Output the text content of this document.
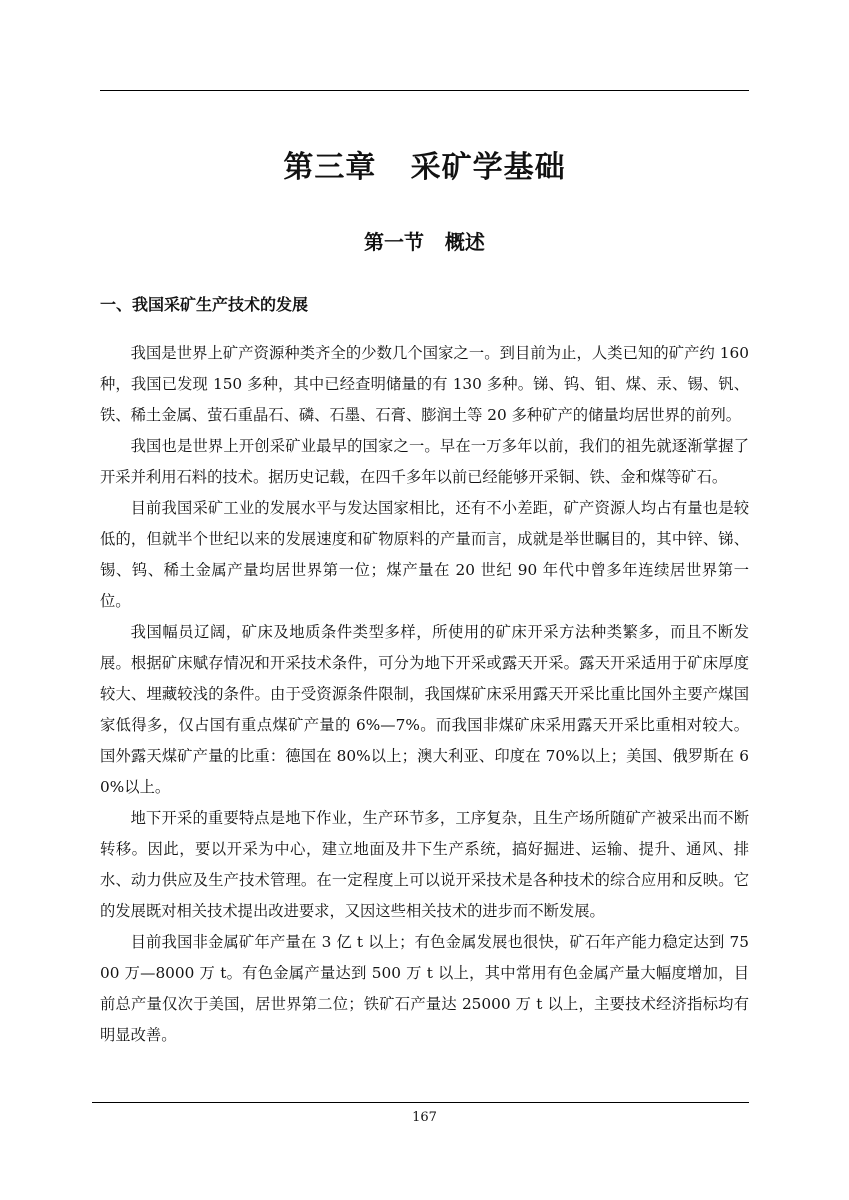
第三章   采矿学基础
第一节   概述
一、我国采矿生产技术的发展

我国是世界上矿产资源种类齐全的少数几个国家之一。到目前为止，人类已知的矿产约 160 种，我国已发现 150 多种，其中已经查明储量的有 130 多种。锑、钨、钼、煤、汞、锡、钒、铁、稀土金属、萤石重晶石、磷、石墨、石膏、膨润土等 20 多种矿产的储量均居世界的前列。

我国也是世界上开创采矿业最早的国家之一。早在一万多年以前，我们的祖先就逐渐掌握了开采并利用石料的技术。据历史记载，在四千多年以前已经能够开采铜、铁、金和煤等矿石。

目前我国采矿工业的发展水平与发达国家相比，还有不小差距，矿产资源人均占有量也是较低的，但就半个世纪以来的发展速度和矿物原料的产量而言，成就是举世瞩目的，其中锌、锑、锡、钨、稀土金属产量均居世界第一位；煤产量在 20 世纪 90 年代中曾多年连续居世界第一位。

我国幅员辽阔，矿床及地质条件类型多样，所使用的矿床开采方法种类繁多，而且不断发展。根据矿床赋存情况和开采技术条件，可分为地下开采或露天开采。露天开采适用于矿床厚度较大、埋藏较浅的条件。由于受资源条件限制，我国煤矿床采用露天开采比重比国外主要产煤国家低得多，仅占国有重点煤矿产量的 6%—7%。而我国非煤矿床采用露天开采比重相对较大。国外露天煤矿产量的比重：德国在 80%以上；澳大利亚、印度在 70%以上；美国、俄罗斯在 60%以上。

地下开采的重要特点是地下作业，生产环节多，工序复杂，且生产场所随矿产被采出而不断转移。因此，要以开采为中心，建立地面及井下生产系统，搞好掘进、运输、提升、通风、排水、动力供应及生产技术管理。在一定程度上可以说开采技术是各种技术的综合应用和反映。它的发展既对相关技术提出改进要求，又因这些相关技术的进步而不断发展。

目前我国非金属矿年产量在 3 亿 t 以上；有色金属发展也很快，矿石年产能力稳定达到 7500 万—8000 万 t。有色金属产量达到 500 万 t 以上，其中常用有色金属产量大幅度增加，目前总产量仅次于美国，居世界第二位；铁矿石产量达 25000 万 t 以上，主要技术经济指标均有明显改善。

167
